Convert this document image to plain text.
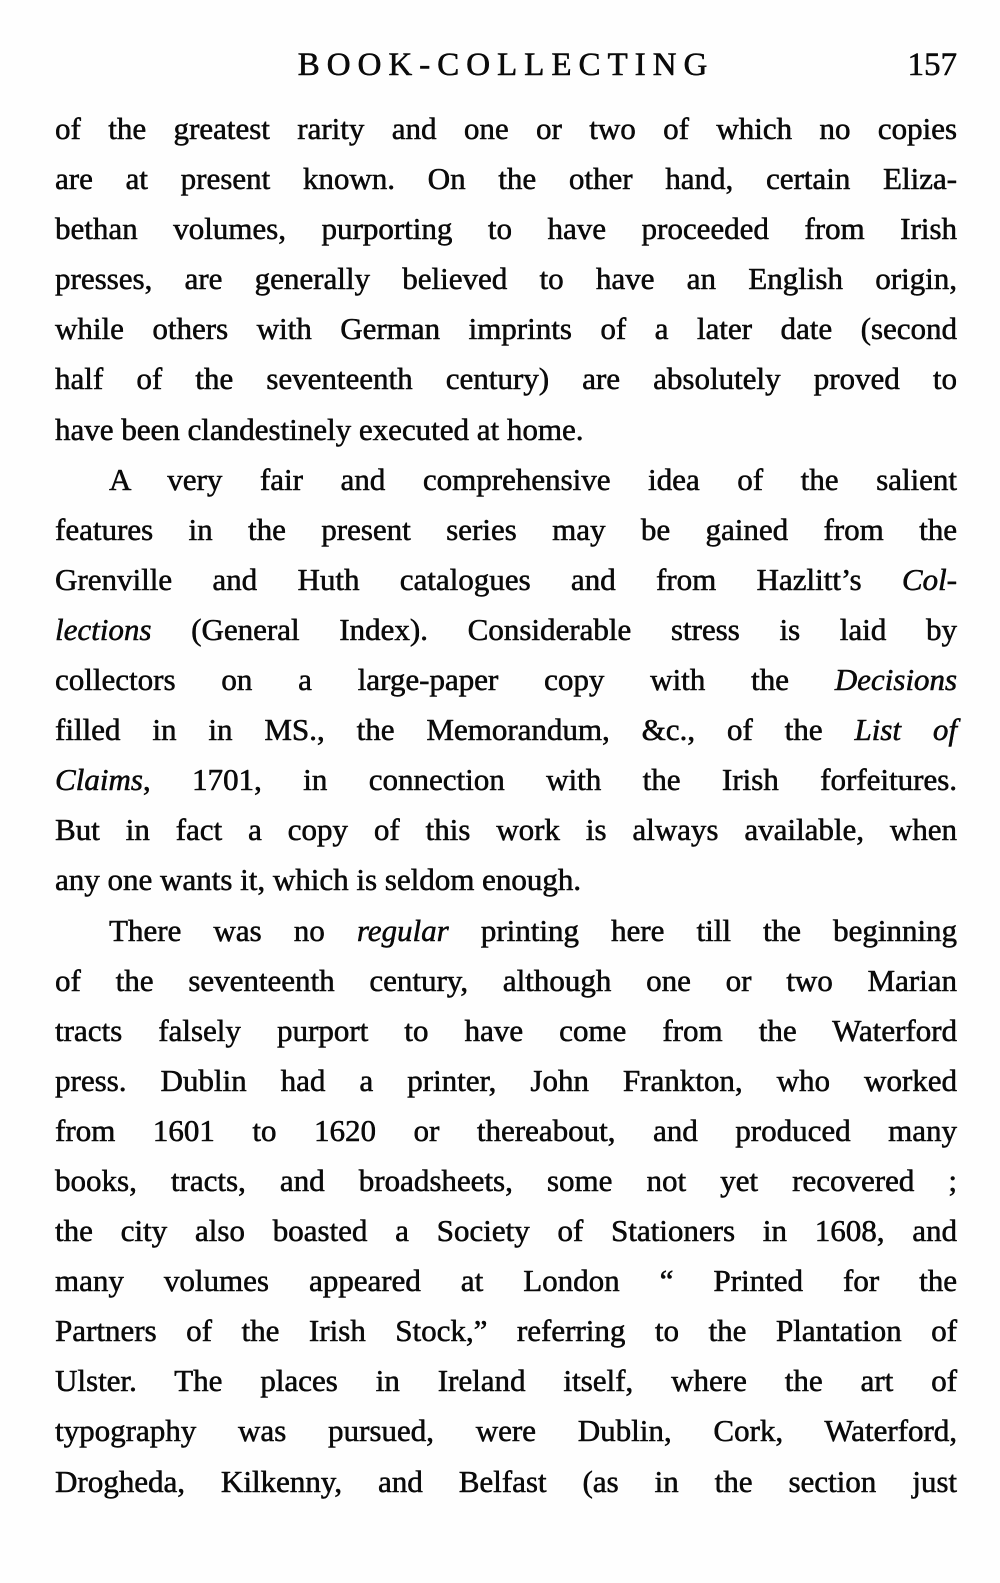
BOOK-COLLECTING	157
of the greatest rarity and one or two of which no copies
are at present known. On the other hand, certain Eliza-
bethan volumes, purporting to have proceeded from Irish
presses, are generally believed to have an English origin,
while others with German imprints of a later date (second
half of the seventeenth century) are absolutely proved to
have been clandestinely executed at home.
A very fair and comprehensive idea of the salient
features in the present series may be gained from the
Grenville and Huth catalogues and from Hazlitt’s Col-
lections (General Index). Considerable stress is laid by
collectors on a large-paper copy with the Decisions
filled in in MS., the Memorandum, &c., of the List of
Claims, 1701, in connection with the Irish forfeitures.
But in fact a copy of this work is always available, when
any one wants it, which is seldom enough.
There was no regular printing here till the beginning
of the seventeenth century, although one or two Marian
tracts falsely purport to have come from the Waterford
press. Dublin had a printer, John Frankton, who worked
from 1601 to 1620 or thereabout, and produced many
books, tracts, and broadsheets, some not yet recovered ;
the city also boasted a Society of Stationers in 1608, and
many volumes appeared at London “ Printed for the
Partners of the Irish Stock,” referring to the Plantation of
Ulster. The places in Ireland itself, where the art of
typography was pursued, were Dublin, Cork, Waterford,
Drogheda, Kilkenny, and Belfast (as in the section just
